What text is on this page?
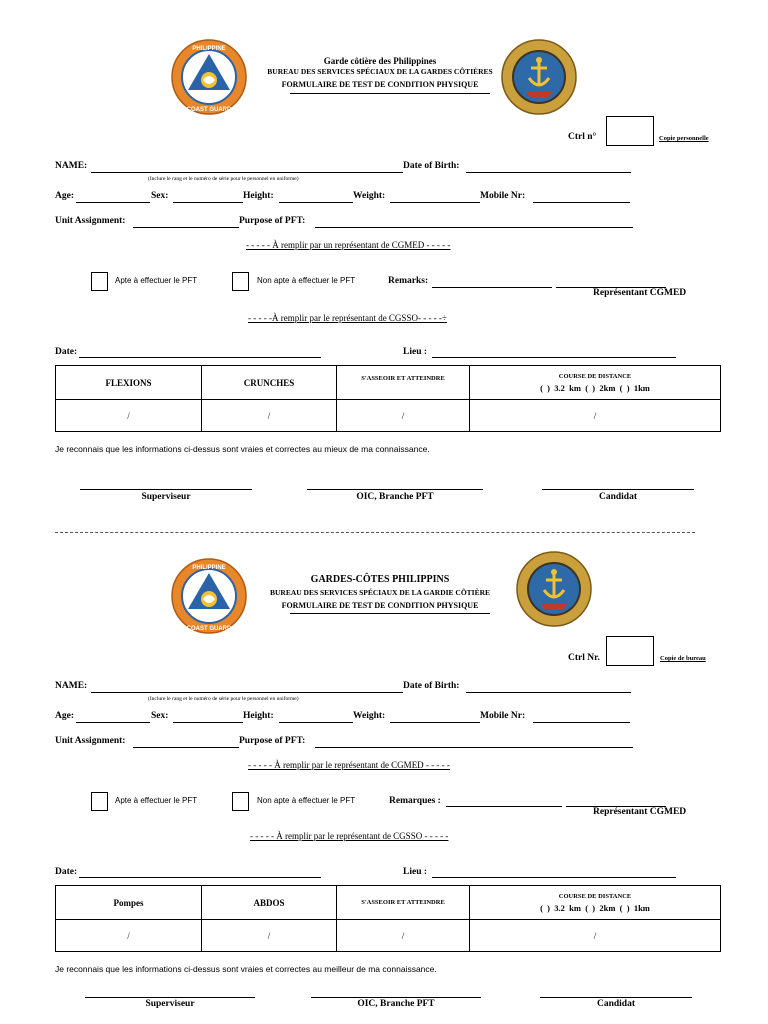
PHILIPPINE
COAST GUARD
Garde côtière des Philippines
BUREAU DES SERVICES SPÉCIAUX DE LA GARDES CÔTIÈRES
FORMULAIRE DE TEST DE CONDITION PHYSIQUE
Ctrl n°	Copie personnelle
NAME:	Date of Birth:
(Inclure le rang et le numéro de série pour le personnel en uniforme)
Age:	Sex:	Height:	Weight:	Mobile Nr:
Unit Assignment:	Purpose of PFT:
- - - - - À remplir par un représentant de CGMED - - - - -
Apte à effectuer le PFT	Non apte à effectuer le PFT	Remarks:
Représentant CGMED
- - - - -À remplir par le représentant de CGSSO- - - - -÷
Date:	Lieu :
FLEXIONS	CRUNCHES	S'ASSEOIR ET ATTEINDRE	COURSE DE DISTANCE
(  )  3.2  km  (  )  2km  (  )  1km

/	/	/	/
Je reconnais que les informations ci-dessus sont vraies et correctes au mieux de ma connaissance.
Superviseur	OIC, Branche PFT	Candidat
PHILIPPINE
COAST GUARD
GARDES-CÔTES PHILIPPINS
BUREAU DES SERVICES SPÉCIAUX DE LA GARDIE CÔTIÈRE
FORMULAIRE DE TEST DE CONDITION PHYSIQUE
Ctrl Nr.	Copie de bureau
NAME:	Date of Birth:
(Inclure le rang et le numéro de série pour le personnel en uniforme)
Age:	Sex:	Height:	Weight:	Mobile Nr:
Unit Assignment:	Purpose of PFT:
- - - - - À remplir par le représentant de CGMED - - - - -
Apte à effectuer le PFT	Non apte à effectuer le PFT	Remarques :
Représentant CGMED
- - - - - À remplir par le représentant de CGSSO - - - - -
Date:	Lieu :
Pompes	ABDOS	S'ASSEOIR ET ATTEINDRE	COURSE DE DISTANCE
(  )  3.2  km  (  )  2km  (  )  1km

/	/	/	/
Je reconnais que les informations ci-dessus sont vraies et correctes au meilleur de ma connaissance.
Superviseur	OIC, Branche PFT	Candidat
